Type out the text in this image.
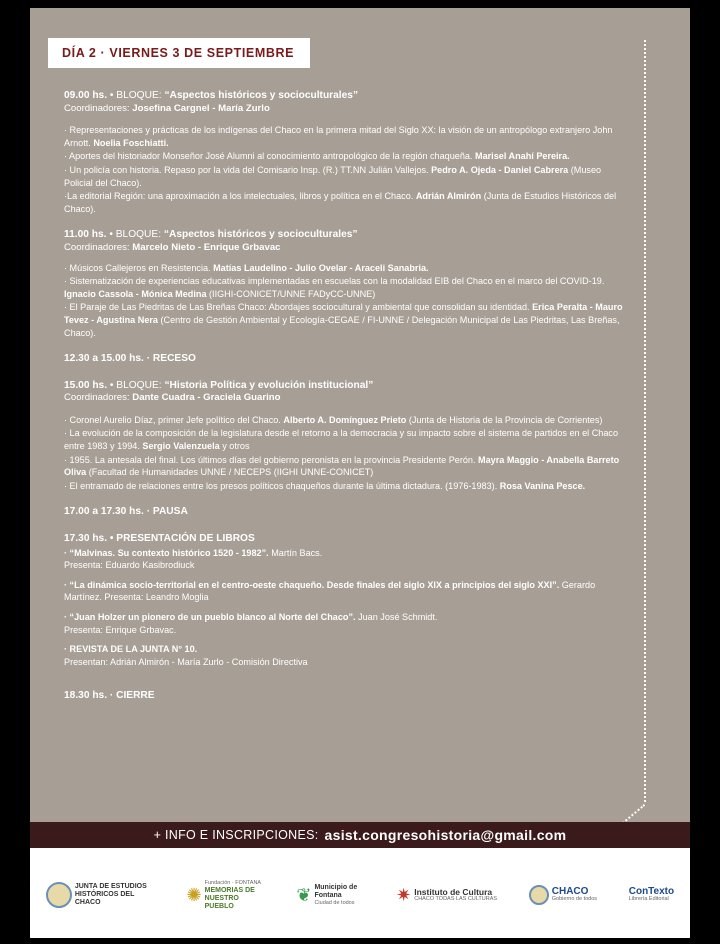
DÍA 2 · VIERNES 3 DE SEPTIEMBRE
09.00 hs. • BLOQUE: “Aspectos históricos y socioculturales”
Coordinadores: Josefina Cargnel - María Zurlo
· Representaciones y prácticas de los indígenas del Chaco en la primera mitad del Siglo XX: la visión de un antropólogo extranjero John Arnott. Noelia Foschiatti.
· Aportes del historiador Monseñor José Alumni al conocimiento antropológico de la región chaqueña. Marisel Anahí Pereira.
· Un policía con historia. Repaso por la vida del Comisario Insp. (R.) TT.NN Julián Vallejos. Pedro A. Ojeda - Daniel Cabrera (Museo Policial del Chaco).
·La editorial Región: una aproximación a los intelectuales, libros y política en el Chaco. Adrián Almirón (Junta de Estudios Históricos del Chaco).
11.00 hs. • BLOQUE: “Aspectos históricos y socioculturales”
Coordinadores: Marcelo Nieto - Enrique Grbavac
· Músicos Callejeros en Resistencia. Matías Laudelino - Julio Ovelar - Araceli Sanabria.
· Sistematización de experiencias educativas implementadas en escuelas con la modalidad EIB del Chaco en el marco del COVID-19. Ignacio Cassola - Mónica Medina (IIGHI-CONICET/UNNE FADyCC-UNNE)
· El Paraje de Las Piedritas de Las Breñas Chaco: Abordajes sociocultural y ambiental que consolidan su identidad. Erica Peralta - Mauro Tevez - Agustina Nera (Centro de Gestión Ambiental y Ecología-CEGAE / FI-UNNE / Delegación Municipal de Las Piedritas, Las Breñas, Chaco).
12.30 a 15.00 hs. · RECESO
15.00 hs. • BLOQUE: “Historia Política y evolución institucional”
Coordinadores: Dante Cuadra - Graciela Guarino
· Coronel Aurelio Díaz, primer Jefe político del Chaco. Alberto A. Domínguez Prieto (Junta de Historia de la Provincia de Corrientes)
· La evolución de la composición de la legislatura desde el retorno a la democracia y su impacto sobre el sistema de partidos en el Chaco entre 1983 y 1994. Sergio Valenzuela y otros
· 1955. La antesala del final. Los últimos días del gobierno peronista en la provincia Presidente Perón. Mayra Maggio - Anabella Barreto Oliva (Facultad de Humanidades UNNE / NECEPS (IIGHI UNNE-CONICET)
· El entramado de relaciones entre los presos políticos chaqueños durante la última dictadura. (1976-1983). Rosa Vanina Pesce.
17.00 a 17.30 hs. · PAUSA
17.30 hs. • PRESENTACIÓN DE LIBROS
· “Malvinas. Su contexto histórico 1520 - 1982”. Martín Bacs.
Presenta: Eduardo Kasibrodiuck
· “La dinámica socio-territorial en el centro-oeste chaqueño. Desde finales del siglo XIX a principios del siglo XXI”. Gerardo Martínez. Presenta: Leandro Moglia
· “Juan Holzer un pionero de un pueblo blanco al Norte del Chaco”. Juan José Schmidt.
Presenta: Enrique Grbavac.
· REVISTA DE LA JUNTA N° 10.
Presentan: Adrián Almirón - María Zurlo - Comisión Directiva
18.30 hs. · CIERRE
+ INFO E INSCRIPCIONES: asist.congresohistoria@gmail.com
JUNTA DE ESTUDIOS HISTÓRICOS DEL CHACO	✺
Fundación · FONTANA
MEMORIAS DE NUESTRO PUEBLO
❦ Municipio de Fontana
Ciudad de todos	✷ Instituto de Cultura
CHACO TODAS LAS CULTURAS
CHACO
Gobierno de todos
ConTexto
Librería Editorial
